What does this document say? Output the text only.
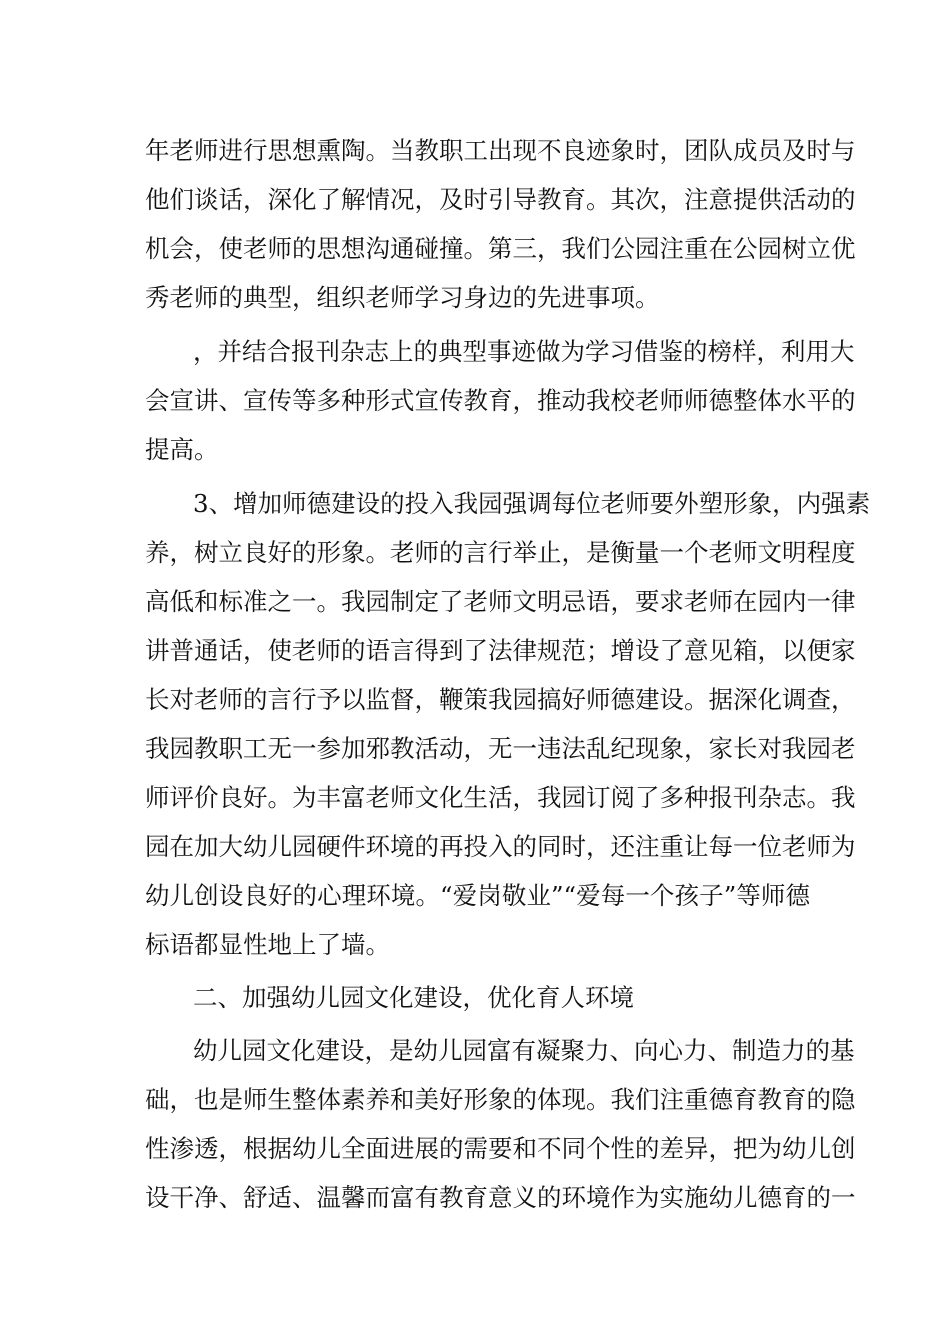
年老师进行思想熏陶。当教职工出现不良迹象时，团队成员及时与
他们谈话，深化了解情况，及时引导教育。其次，注意提供活动的
机会，使老师的思想沟通碰撞。第三，我们公园注重在公园树立优
秀老师的典型，组织老师学习身边的先进事项。
，并结合报刊杂志上的典型事迹做为学习借鉴的榜样，利用大
会宣讲、宣传等多种形式宣传教育，推动我校老师师德整体水平的
提高。
3、增加师德建设的投入我园强调每位老师要外塑形象，内强素
养，树立良好的形象。老师的言行举止，是衡量一个老师文明程度
高低和标准之一。我园制定了老师文明忌语，要求老师在园内一律
讲普通话，使老师的语言得到了法律规范；增设了意见箱，以便家
长对老师的言行予以监督，鞭策我园搞好师德建设。据深化调查，
我园教职工无一参加邪教活动，无一违法乱纪现象，家长对我园老
师评价良好。为丰富老师文化生活，我园订阅了多种报刊杂志。我
园在加大幼儿园硬件环境的再投入的同时，还注重让每一位老师为
幼儿创设良好的心理环境。“爱岗敬业”“爱每一个孩子”等师德
标语都显性地上了墙。
二、加强幼儿园文化建设，优化育人环境
幼儿园文化建设，是幼儿园富有凝聚力、向心力、制造力的基
础，也是师生整体素养和美好形象的体现。我们注重德育教育的隐
性渗透，根据幼儿全面进展的需要和不同个性的差异，把为幼儿创
设干净、舒适、温馨而富有教育意义的环境作为实施幼儿德育的一
